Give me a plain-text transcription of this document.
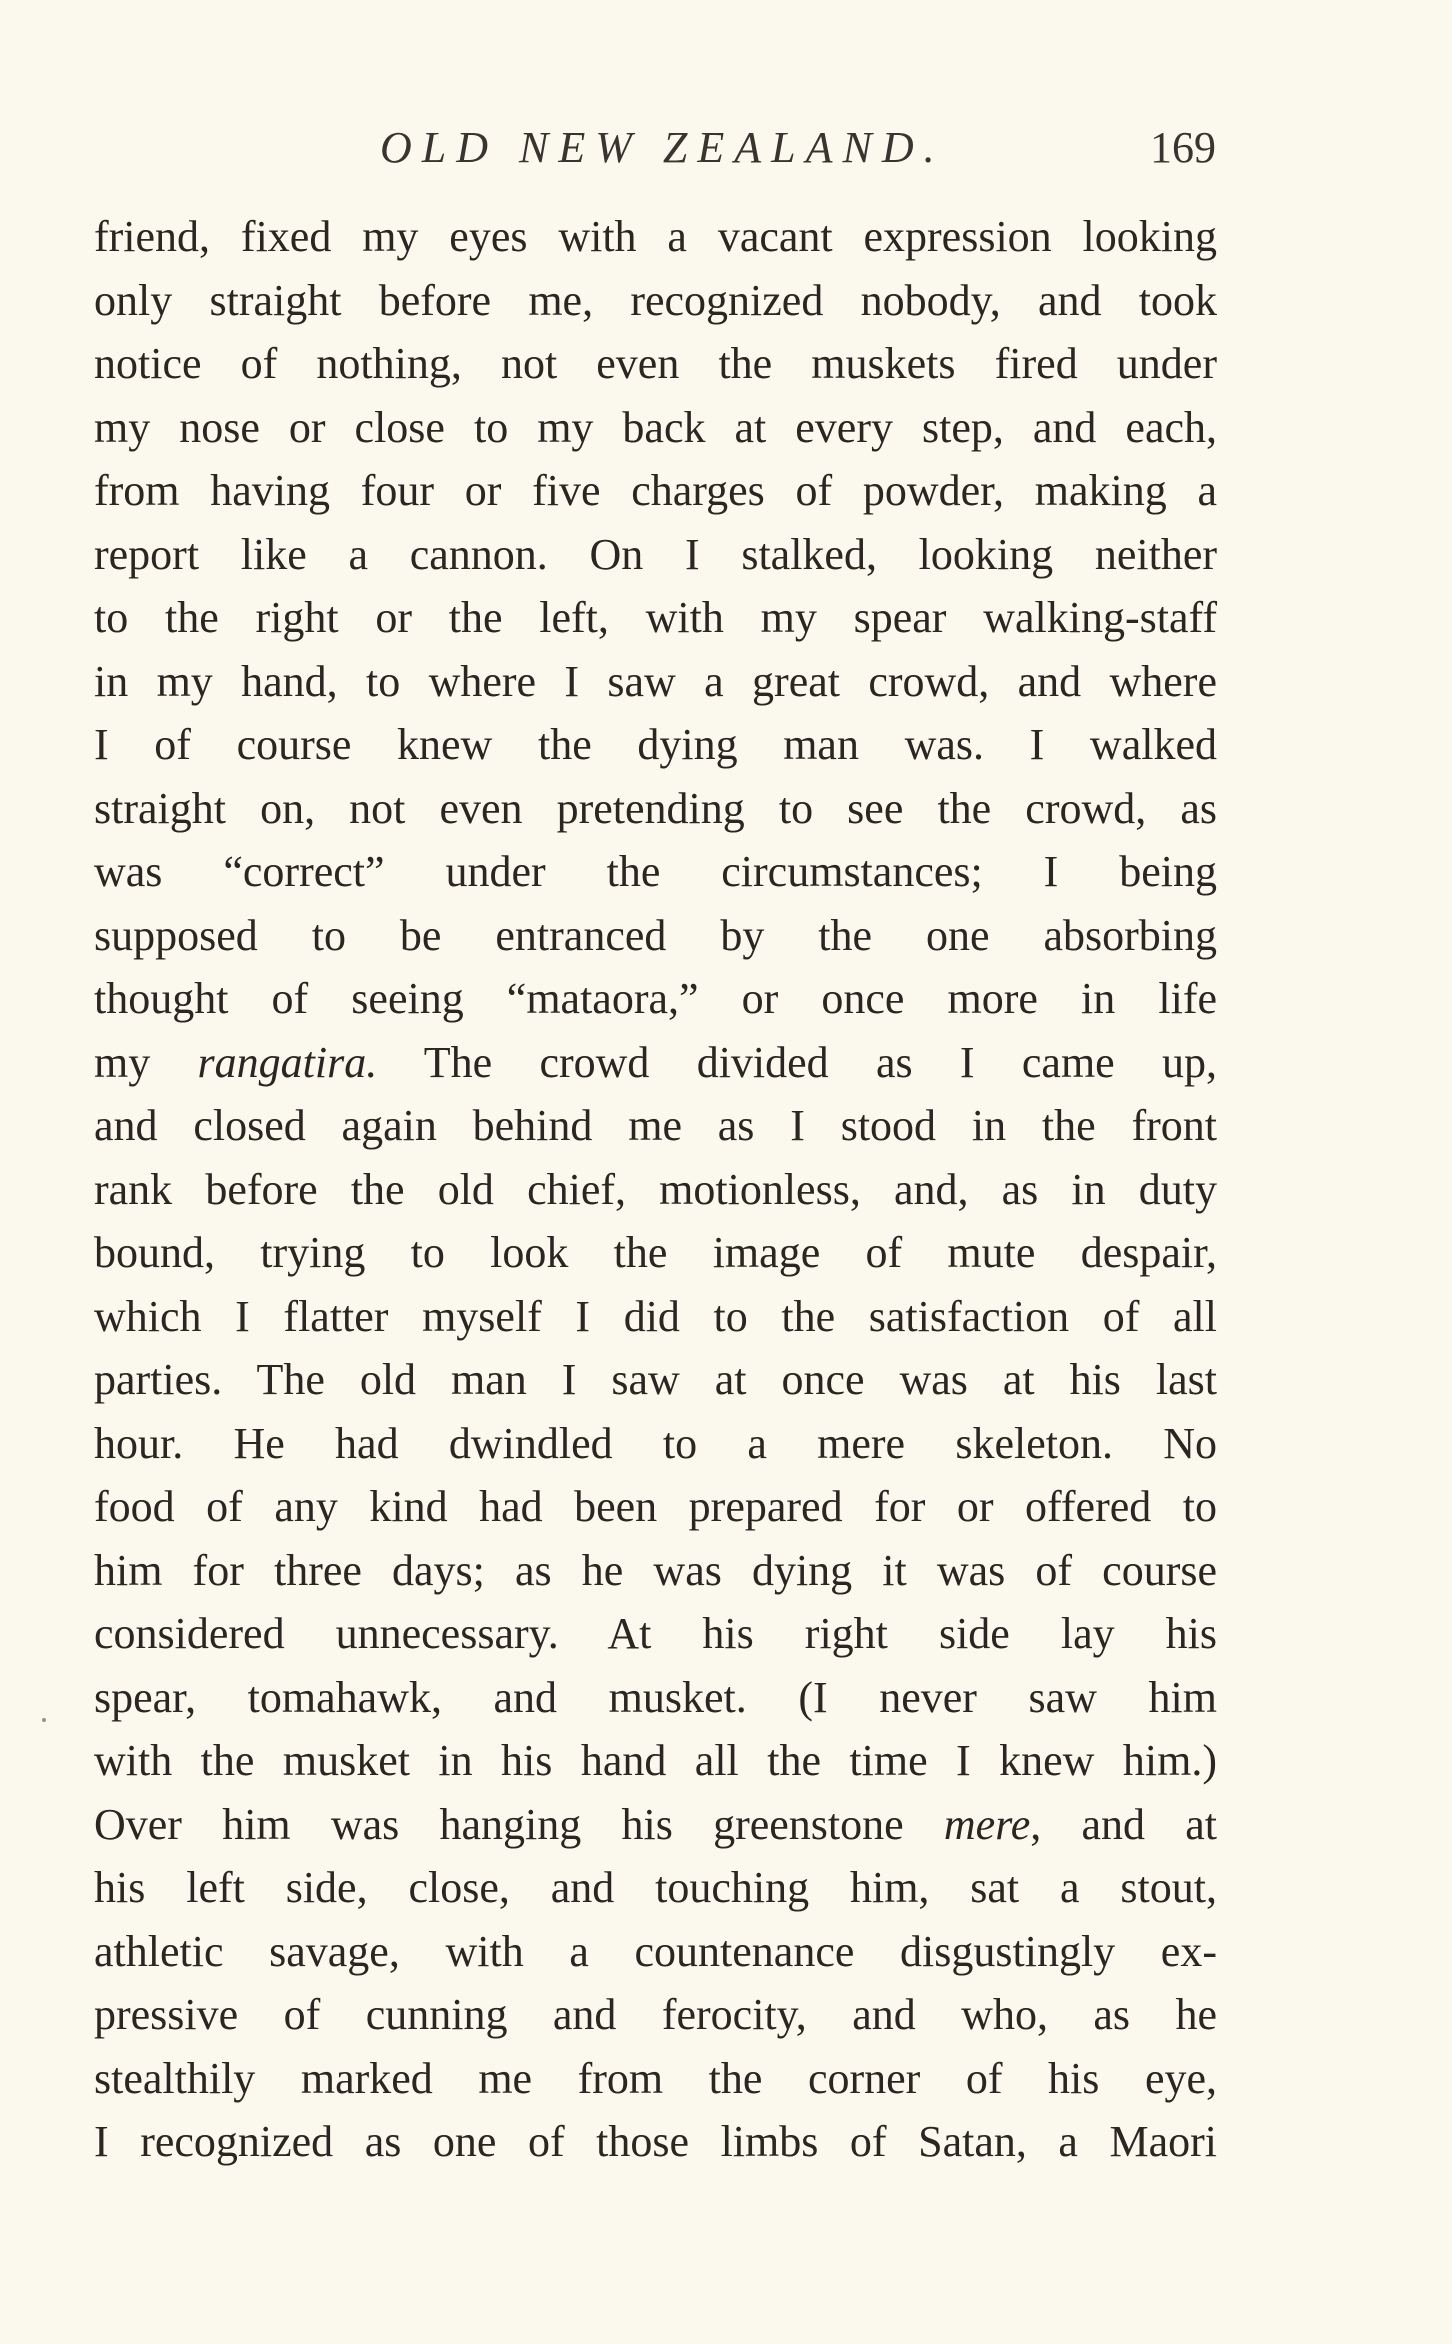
OLD NEW ZEALAND.	169
friend, fixed my eyes with a vacant expression looking
only straight before me, recognized nobody, and took
notice of nothing, not even the muskets fired under
my nose or close to my back at every step, and each,
from having four or five charges of powder, making a
report like a cannon. On I stalked, looking neither
to the right or the left, with my spear walking-staff
in my hand, to where I saw a great crowd, and where
I of course knew the dying man was. I walked
straight on, not even pretending to see the crowd, as
was “correct” under the circumstances; I being
supposed to be entranced by the one absorbing
thought of seeing “mataora,” or once more in life
my rangatira. The crowd divided as I came up,
and closed again behind me as I stood in the front
rank before the old chief, motionless, and, as in duty
bound, trying to look the image of mute despair,
which I flatter myself I did to the satisfaction of all
parties. The old man I saw at once was at his last
hour. He had dwindled to a mere skeleton. No
food of any kind had been prepared for or offered to
him for three days; as he was dying it was of course
considered unnecessary. At his right side lay his
spear, tomahawk, and musket. (I never saw him
with the musket in his hand all the time I knew him.)
Over him was hanging his greenstone mere, and at
his left side, close, and touching him, sat a stout,
athletic savage, with a countenance disgustingly ex-
pressive of cunning and ferocity, and who, as he
stealthily marked me from the corner of his eye,
I recognized as one of those limbs of Satan, a Maori
